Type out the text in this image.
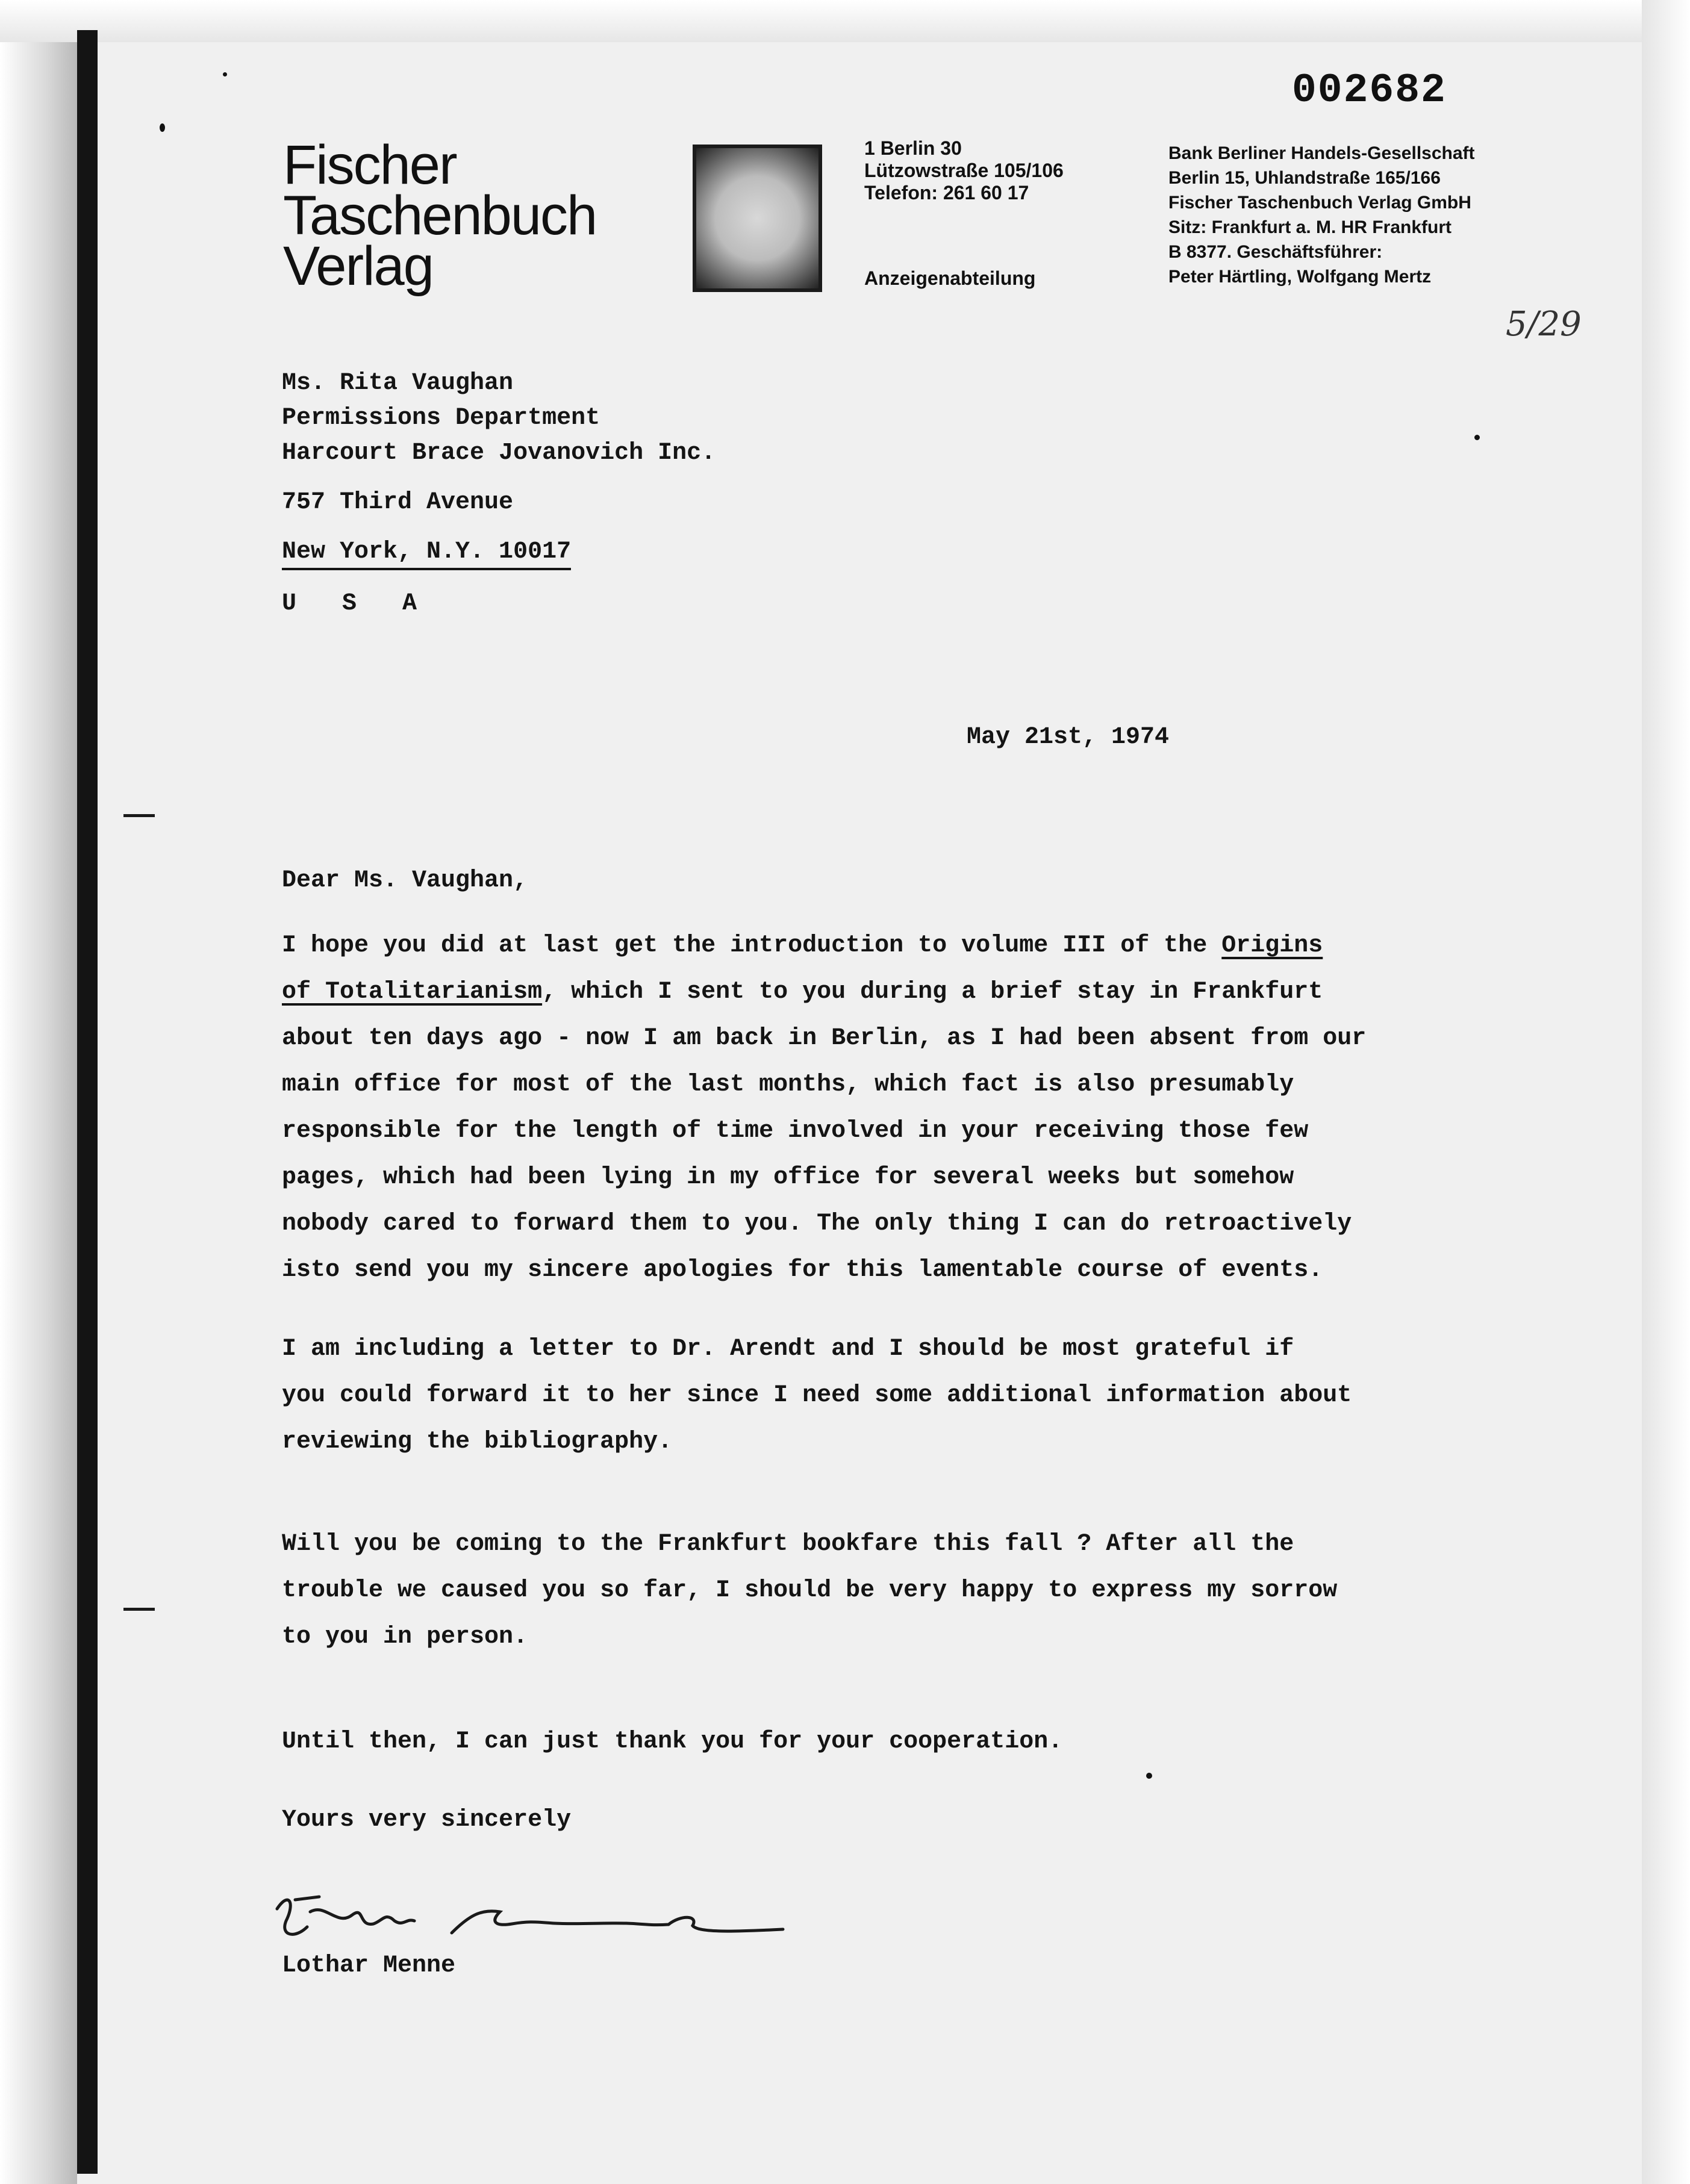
Fischer
Taschenbuch
Verlag
1 Berlin 30
Lützowstraße 105/106
Telefon: 261 60 17
Anzeigenabteilung
Bank Berliner Handels-Gesellschaft
Berlin 15, Uhlandstraße 165/166
Fischer Taschenbuch Verlag GmbH
Sitz: Frankfurt a. M. HR Frankfurt
B 8377. Geschäftsführer:
Peter Härtling, Wolfgang Mertz
002682
5/29
Ms. Rita Vaughan
Permissions Department
Harcourt Brace Jovanovich Inc.
757 Third Avenue
New York, N.Y. 10017
U S A
May 21st, 1974
Dear Ms. Vaughan,
I hope you did at last get the introduction to volume III of the Origins
of Totalitarianism, which I sent to you during a brief stay in Frankfurt
about ten days ago - now I am back in Berlin, as I had been absent from our
main office for most of the last months, which fact is also presumably
responsible for the length of time involved in your receiving those few
pages, which had been lying in my office for several weeks but somehow
nobody cared to forward them to you. The only thing I can do retroactively
isto send you my sincere apologies for this lamentable course of events.
I am including a letter to Dr. Arendt and I should be most grateful if
you could forward it to her since I need some additional information about
reviewing the bibliography.
Will you be coming to the Frankfurt bookfare this fall ? After all the
trouble we caused you so far, I should be very happy to express my sorrow
to you in person.
Until then, I can just thank you for your cooperation.
Yours very sincerely
Lothar Menne
